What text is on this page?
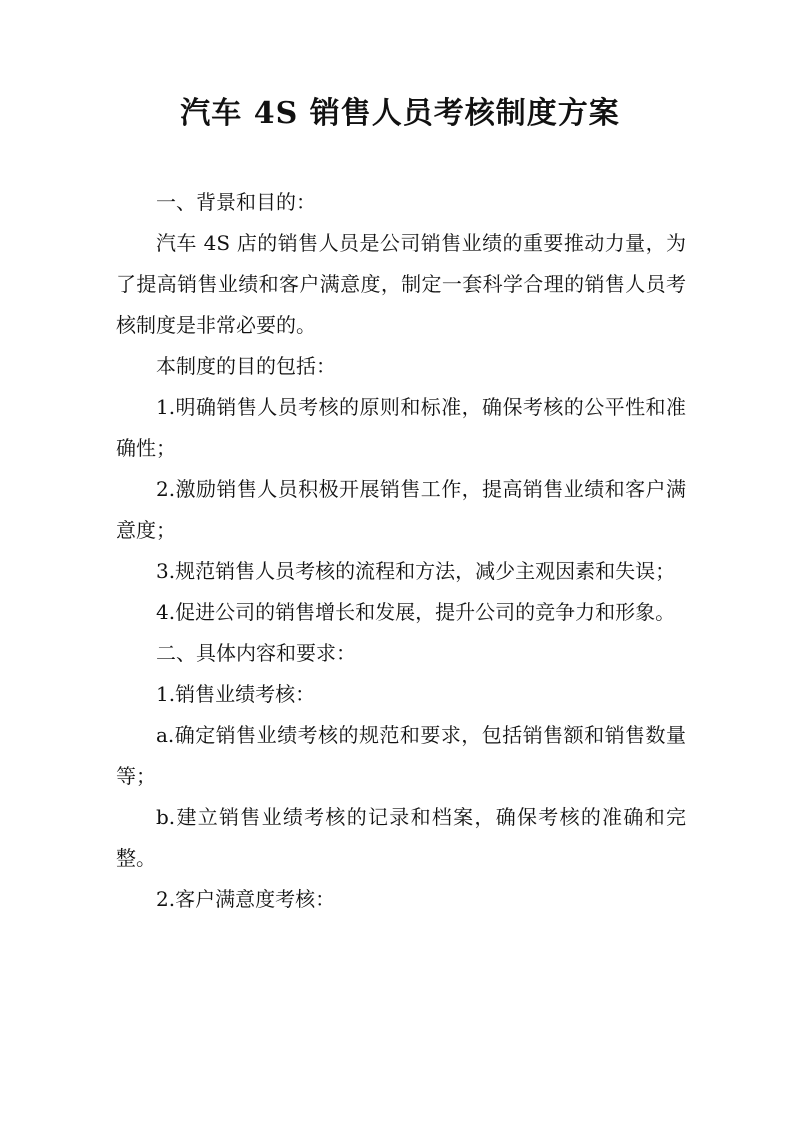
汽车 4S 销售人员考核制度方案

一、背景和目的：

汽车 4S 店的销售人员是公司销售业绩的重要推动力量，为了提高销售业绩和客户满意度，制定一套科学合理的销售人员考核制度是非常必要的。

本制度的目的包括：

1.明确销售人员考核的原则和标准，确保考核的公平性和准确性；

2.激励销售人员积极开展销售工作，提高销售业绩和客户满意度；

3.规范销售人员考核的流程和方法，减少主观因素和失误；

4.促进公司的销售增长和发展，提升公司的竞争力和形象。

二、具体内容和要求：

1.销售业绩考核：

a.确定销售业绩考核的规范和要求，包括销售额和销售数量等；

b.建立销售业绩考核的记录和档案，确保考核的准确和完整。

2.客户满意度考核：
